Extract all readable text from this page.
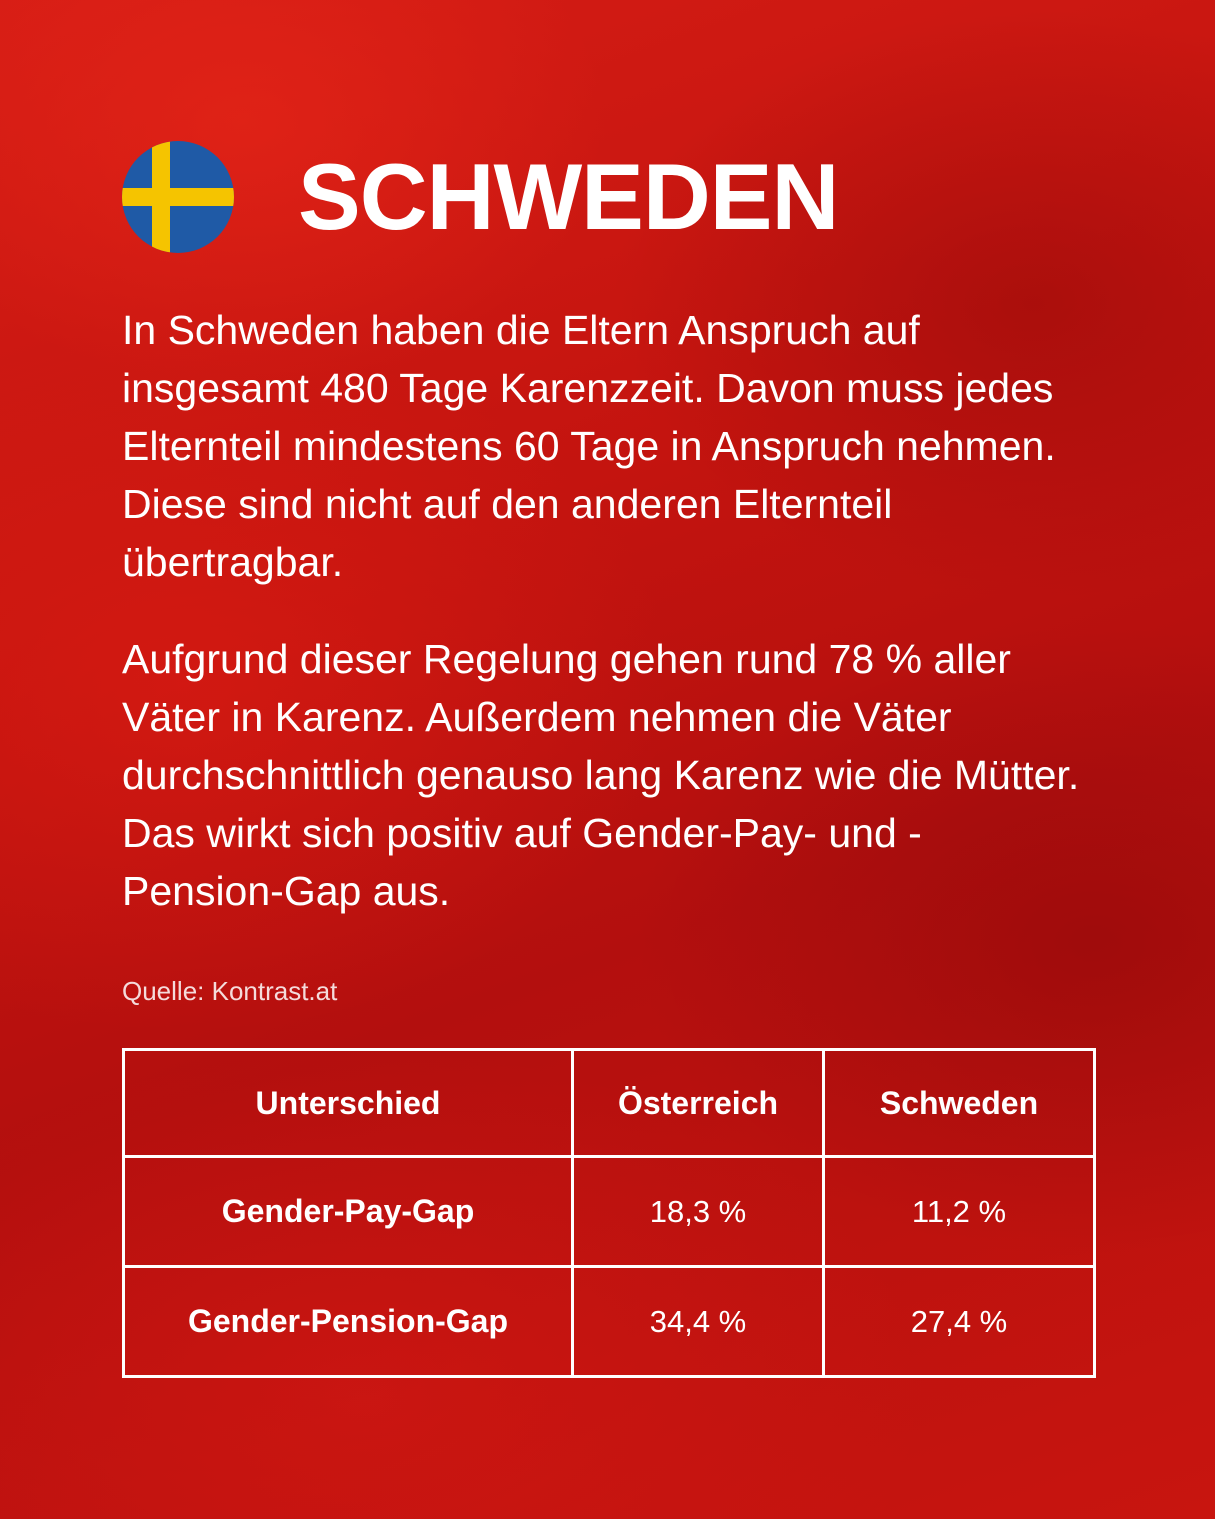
SCHWEDEN

In Schweden haben die Eltern Anspruch auf insgesamt 480 Tage Karenzzeit. Davon muss jedes Elternteil mindestens 60 Tage in Anspruch nehmen. Diese sind nicht auf den anderen Elternteil übertragbar.

Aufgrund dieser Regelung gehen rund 78 % aller Väter in Karenz. Außerdem nehmen die Väter durchschnittlich genauso lang Karenz wie die Mütter. Das wirkt sich positiv auf Gender-Pay- und -Pension-Gap aus.

Quelle: Kontrast.at
Unterschied	Österreich	Schweden
Gender-Pay-Gap	18,3 %	11,2 %
Gender-Pension-Gap	34,4 %	27,4 %
